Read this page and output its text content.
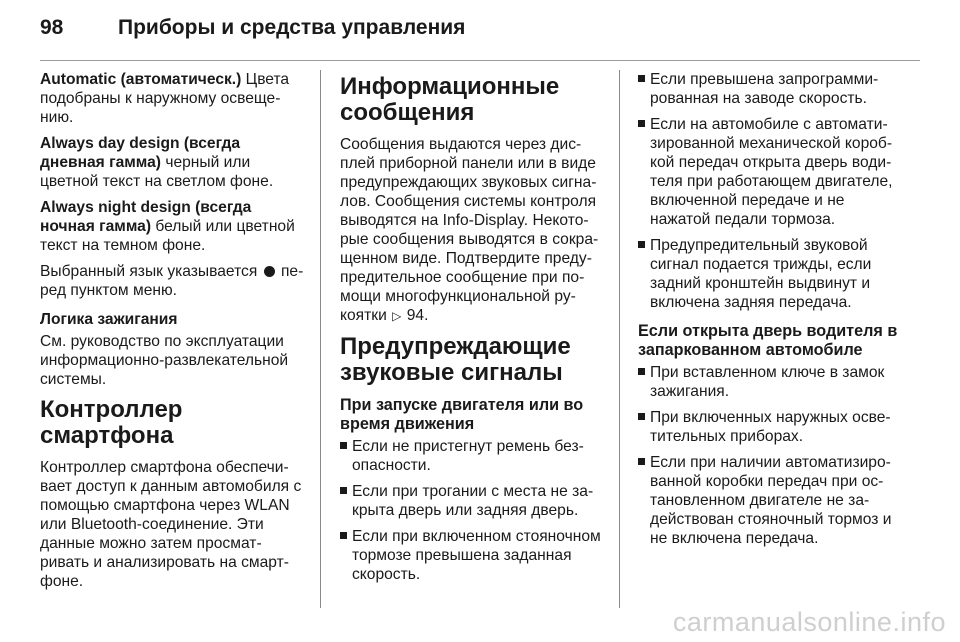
98	Приборы и средства управления

Automatic (автоматическ.) Цвета подобраны к наружному освещению.

Always day design (всегда дневная гамма) черный или цветной текст на светлом фоне.

Always night design (всегда ночная гамма) белый или цветной текст на темном фоне.

Выбранный язык указывается  перед пунктом меню.

Логика зажигания

См. руководство по эксплуатации информационно-развлекательной системы.

Контроллер смартфона

Контроллер смартфона обеспечивает доступ к данным автомобиля с помощью смартфона через WLAN или Bluetooth-соединение. Эти данные можно затем просматривать и анализировать на смартфоне.

Информационные сообщения

Сообщения выдаются через дисплей приборной панели или в виде предупреждающих звуковых сигналов. Сообщения системы контроля выводятся на Info-Display. Некоторые сообщения выводятся в сокращенном виде. Подтвердите предупредительное сообщение при помощи многофункциональной рукоятки ▷ 94.

Предупреждающие звуковые сигналы
При запуске двигателя или во время движения
Если не пристегнут ремень безопасности.
Если при трогании с места не закрыта дверь или задняя дверь.
Если при включенном стояночном тормозе превышена заданная скорость.
Если превышена запрограммированная на заводе скорость.
Если на автомобиле с автоматизированной механической коробкой передач открыта дверь водителя при работающем двигателе, включенной передаче и не нажатой педали тормоза.
Предупредительный звуковой сигнал подается трижды, если задний кронштейн выдвинут и включена задняя передача.
Если открыта дверь водителя в запаркованном автомобиле
При вставленном ключе в замок зажигания.
При включенных наружных осветительных приборах.
Если при наличии автоматизированной коробки передач при остановленном двигателе не задействован стояночный тормоз и не включена передача.
carmanualsonline.info
